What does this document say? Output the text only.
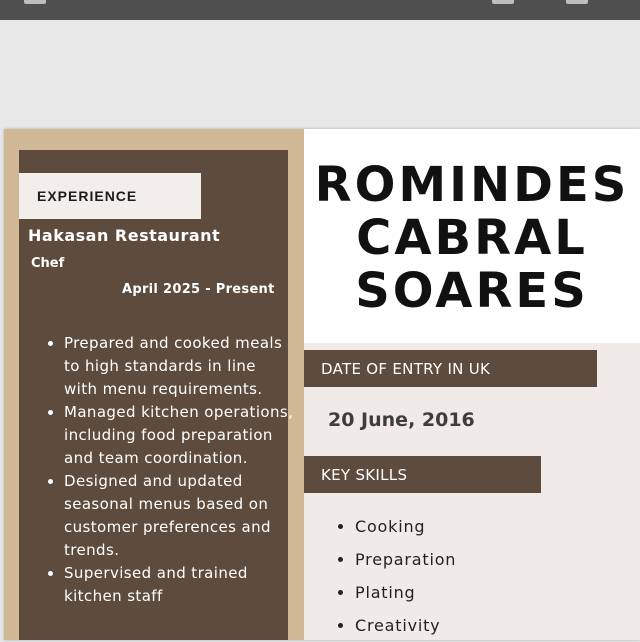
EXPERIENCE
Hakasan Restaurant
Chef
April 2025 - Present
• Prepared and cooked meals to high standards in line with menu requirements.
• Managed kitchen operations, including food preparation and team coordination.
• Designed and updated seasonal menus based on customer preferences and trends.
• Supervised and trained kitchen staff
ROMINDES
CABRAL
SOARES
DATE OF ENTRY IN UK
20 June, 2016
KEY SKILLS
• Cooking
• Preparation
• Plating
• Creativity
